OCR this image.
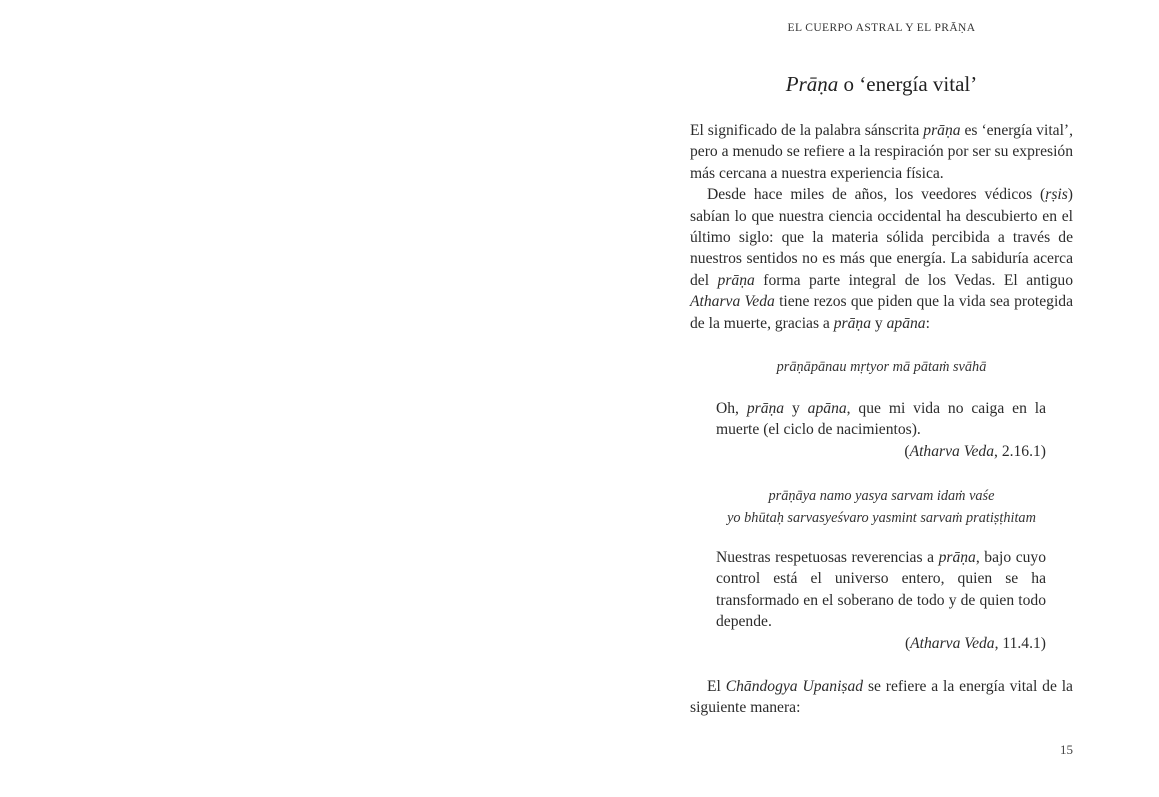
EL CUERPO ASTRAL Y EL PRĀṆA
Prāṇa o ‘energía vital’

El significado de la palabra sánscrita prāṇa es ‘energía vital’, pero a menudo se refiere a la respiración por ser su expresión más cercana a nuestra experiencia física.

Desde hace miles de años, los veedores védicos (ṛṣis) sabían lo que nuestra ciencia occidental ha descubierto en el último siglo: que la materia sólida percibida a través de nuestros sentidos no es más que energía. La sabiduría acerca del prāṇa forma parte integral de los Vedas. El antiguo Atharva Veda tiene rezos que piden que la vida sea protegida de la muerte, gracias a prāṇa y apāna:

prāṇāpānau mṛtyor mā pātaṁ svāhā

Oh, prāṇa y apāna, que mi vida no caiga en la muerte (el ciclo de nacimientos).

(Atharva Veda, 2.16.1)

prāṇāya namo yasya sarvam idaṁ vaśe
yo bhūtaḥ sarvasyeśvaro yasmint sarvaṁ pratiṣṭhitam

Nuestras respetuosas reverencias a prāṇa, bajo cuyo control está el universo entero, quien se ha transformado en el soberano de todo y de quien todo depende.

(Atharva Veda, 11.4.1)

El Chāndogya Upaniṣad se refiere a la energía vital de la siguiente manera:

15
